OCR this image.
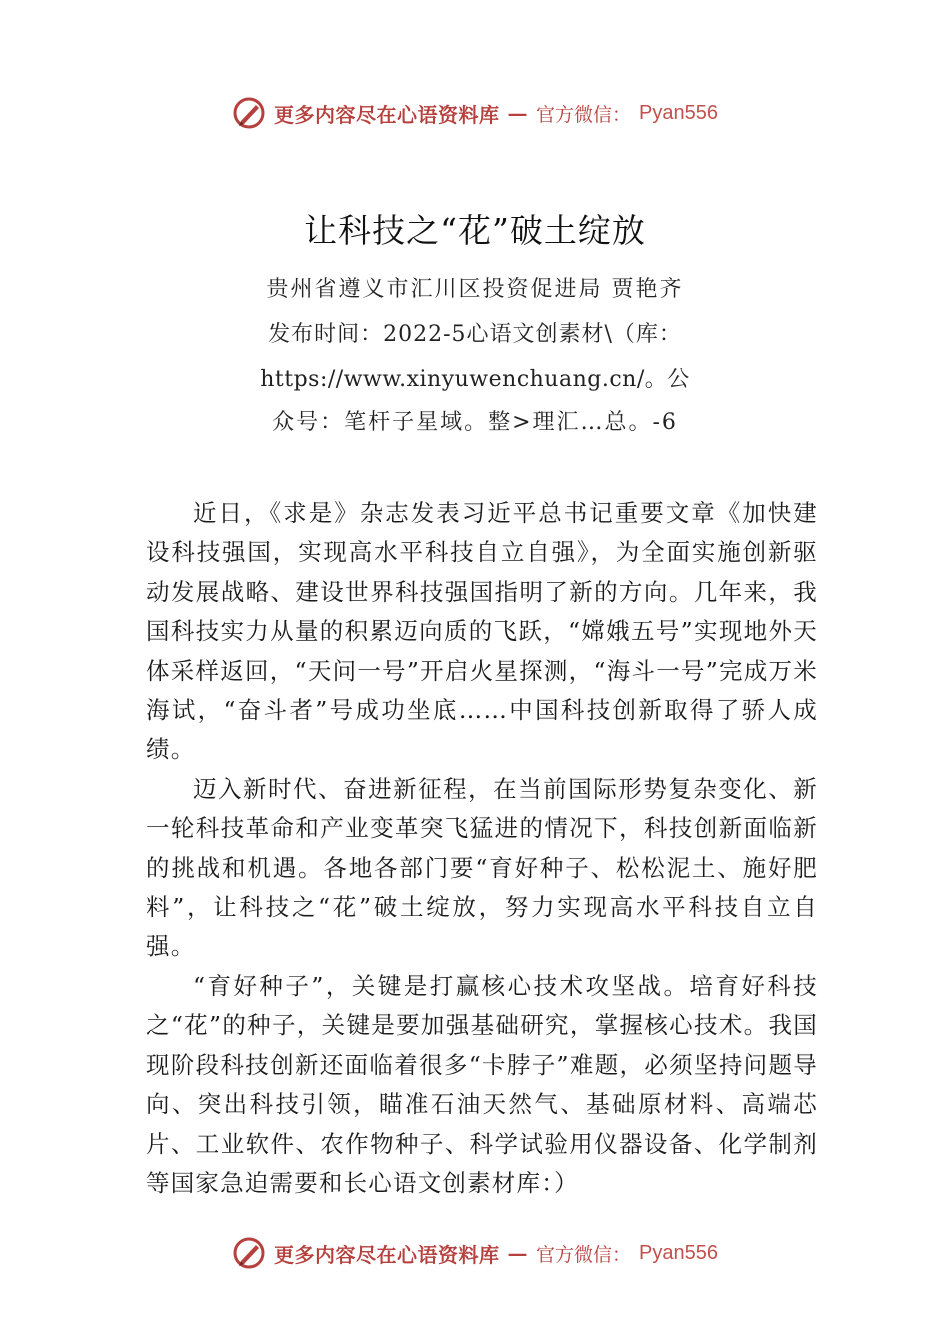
更多内容尽在心语资料库 — 官方微信： Pyan556
让科技之“花”破土绽放
贵州省遵义市汇川区投资促进局 贾艳齐
发布时间：2022-5心语文创素材\（库：
https://www.xinyuwenchuang.cn/。公
众号：笔杆子星域。整>理汇…总。-6

近日，《求是》杂志发表习近平总书记重要文章《加快建设科技强国，实现高水平科技自立自强》，为全面实施创新驱动发展战略、建设世界科技强国指明了新的方向。几年来，我国科技实力从量的积累迈向质的飞跃，“嫦娥五号”实现地外天体采样返回，“天问一号”开启火星探测，“海斗一号”完成万米海试，“奋斗者”号成功坐底……中国科技创新取得了骄人成绩。

迈入新时代、奋进新征程，在当前国际形势复杂变化、新一轮科技革命和产业变革突飞猛进的情况下，科技创新面临新的挑战和机遇。各地各部门要“育好种子、松松泥土、施好肥料”，让科技之“花”破土绽放，努力实现高水平科技自立自强。

“育好种子”，关键是打赢核心技术攻坚战。培育好科技之“花”的种子，关键是要加强基础研究，掌握核心技术。我国现阶段科技创新还面临着很多“卡脖子”难题，必须坚持问题导向、突出科技引领，瞄准石油天然气、基础原材料、高端芯片、工业软件、农作物种子、科学试验用仪器设备、化学制剂等国家急迫需要和长心语文创素材库：）

更多内容尽在心语资料库 — 官方微信： Pyan556
